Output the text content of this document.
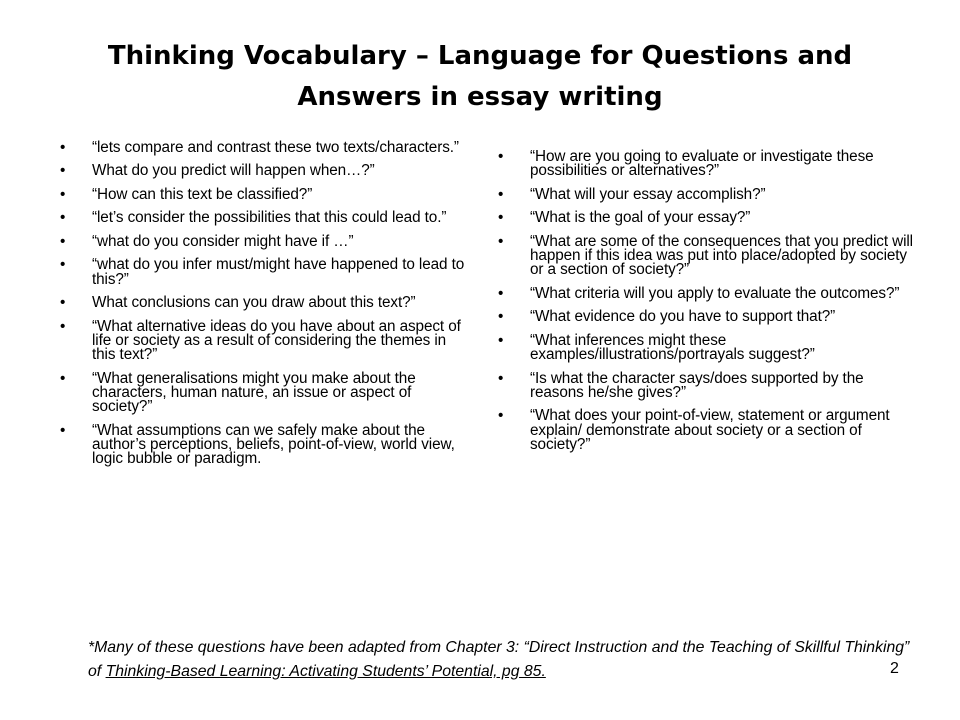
Thinking Vocabulary – Language for Questions and
Answers in essay writing
• “lets compare and contrast these two texts/characters.”
• What do you predict will happen when…?”
• “How can this text be classified?”
• “let’s consider the possibilities that this could lead to.”
• “what do you consider might have if …”
• “what do you infer must/might have happened to lead to this?”
• What conclusions can you draw about this text?”
• “What alternative ideas do you have about an aspect of life or society as a result of considering the themes in this text?”
• “What generalisations might you make about the characters, human nature, an issue or aspect of society?”
• “What assumptions can we safely make about the author’s perceptions, beliefs, point-of-view, world view, logic bubble or paradigm.
• “How are you going to evaluate or investigate these possibilities or alternatives?”
• “What will your essay accomplish?”
• “What is the goal of your essay?”
• “What are some of the consequences that you predict will happen if this idea was put into place/adopted by society or a section of society?”
• “What criteria will you apply to evaluate the outcomes?”
• “What evidence do you have to support that?”
• “What inferences might these examples/illustrations/portrayals suggest?”
• “Is what the character says/does supported by the reasons he/she gives?”
• “What does your point-of-view, statement or argument explain/ demonstrate about society or a section of society?”
*Many of these questions have been adapted from Chapter 3: “Direct Instruction and the Teaching of Skillful Thinking” of Thinking-Based Learning: Activating Students’ Potential, pg 85.	2
